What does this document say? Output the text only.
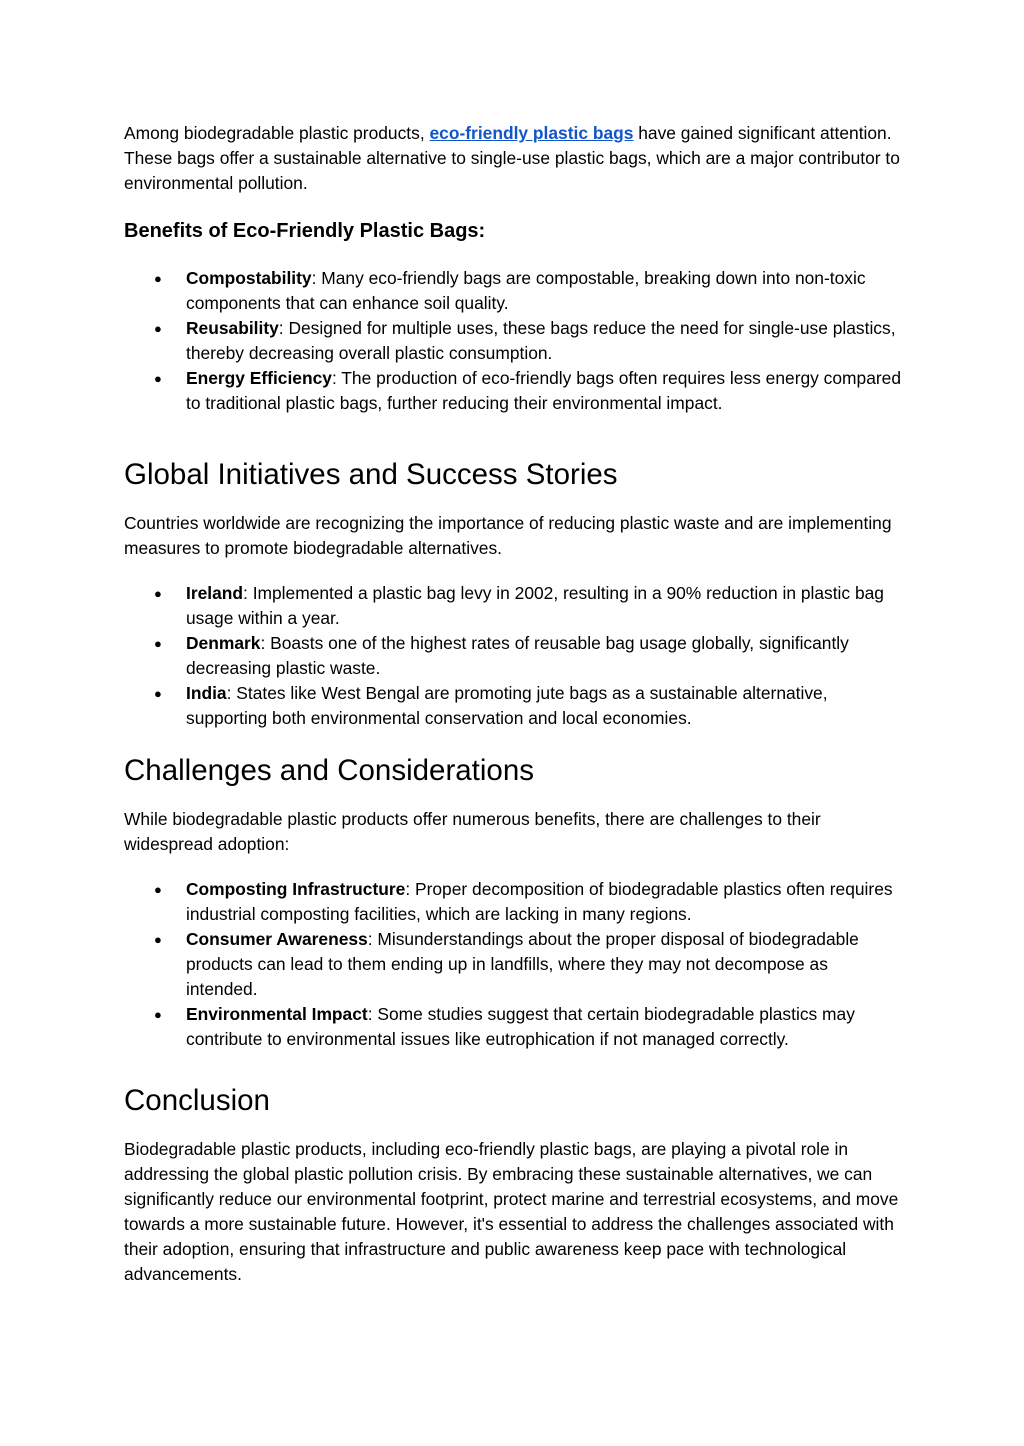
Among biodegradable plastic products, eco-friendly plastic bags have gained significant attention. These bags offer a sustainable alternative to single-use plastic bags, which are a major contributor to environmental pollution.

Benefits of Eco-Friendly Plastic Bags:
● Compostability: Many eco-friendly bags are compostable, breaking down into non-toxic components that can enhance soil quality.
● Reusability: Designed for multiple uses, these bags reduce the need for single-use plastics, thereby decreasing overall plastic consumption.
● Energy Efficiency: The production of eco-friendly bags often requires less energy compared to traditional plastic bags, further reducing their environmental impact.
Global Initiatives and Success Stories

Countries worldwide are recognizing the importance of reducing plastic waste and are implementing measures to promote biodegradable alternatives.

● Ireland: Implemented a plastic bag levy in 2002, resulting in a 90% reduction in plastic bag usage within a year.
● Denmark: Boasts one of the highest rates of reusable bag usage globally, significantly decreasing plastic waste.
● India: States like West Bengal are promoting jute bags as a sustainable alternative, supporting both environmental conservation and local economies.
Challenges and Considerations

While biodegradable plastic products offer numerous benefits, there are challenges to their widespread adoption:

● Composting Infrastructure: Proper decomposition of biodegradable plastics often requires industrial composting facilities, which are lacking in many regions.
● Consumer Awareness: Misunderstandings about the proper disposal of biodegradable products can lead to them ending up in landfills, where they may not decompose as intended.
● Environmental Impact: Some studies suggest that certain biodegradable plastics may contribute to environmental issues like eutrophication if not managed correctly.
Conclusion

Biodegradable plastic products, including eco-friendly plastic bags, are playing a pivotal role in addressing the global plastic pollution crisis. By embracing these sustainable alternatives, we can significantly reduce our environmental footprint, protect marine and terrestrial ecosystems, and move towards a more sustainable future. However, it's essential to address the challenges associated with their adoption, ensuring that infrastructure and public awareness keep pace with technological advancements.
